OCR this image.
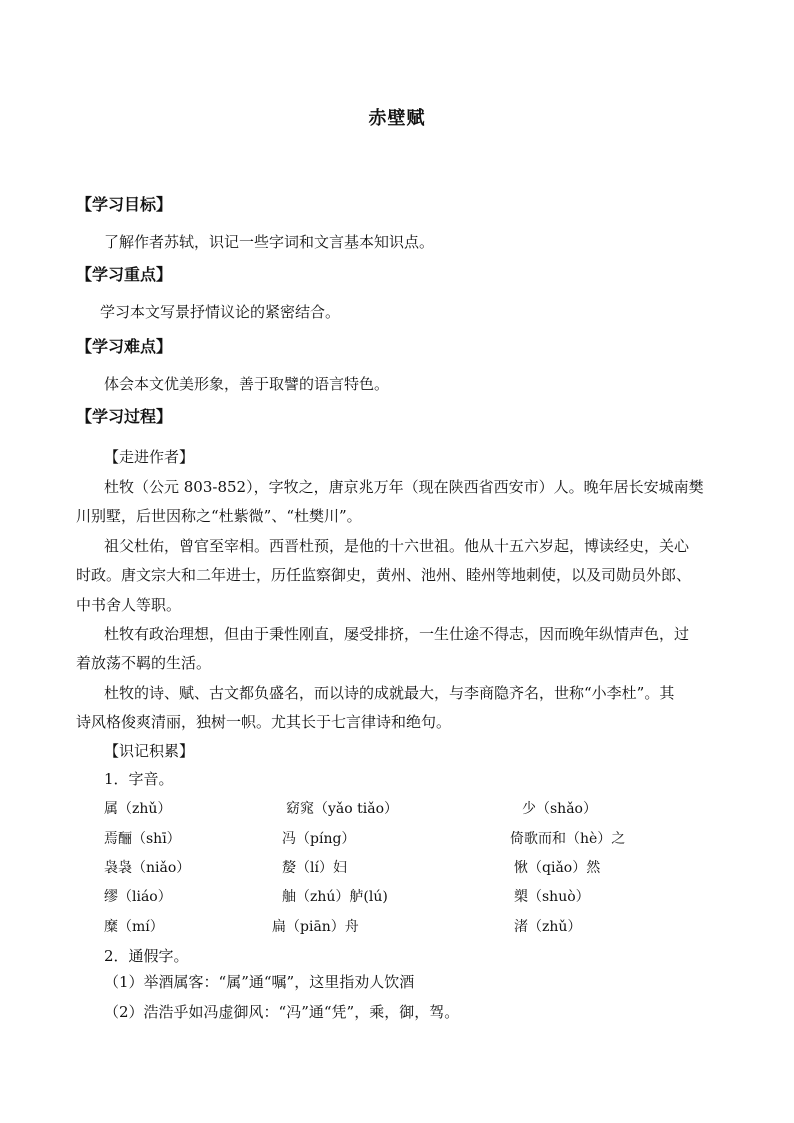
赤壁赋
【学习目标】
了解作者苏轼，识记一些字词和文言基本知识点。
【学习重点】
学习本文写景抒情议论的紧密结合。
【学习难点】
体会本文优美形象，善于取譬的语言特色。
【学习过程】
【走进作者】
杜牧（公元 803-852），字牧之，唐京兆万年（现在陕西省西安市）人。晚年居长安城南樊
川别墅，后世因称之“杜紫微”、“杜樊川”。
祖父杜佑，曾官至宰相。西晋杜预，是他的十六世祖。他从十五六岁起，博读经史，关心
时政。唐文宗大和二年进士，历任监察御史，黄州、池州、睦州等地刺使，以及司勋员外郎、
中书舍人等职。
杜牧有政治理想，但由于秉性刚直，屡受排挤，一生仕途不得志，因而晚年纵情声色，过
着放荡不羁的生活。
杜牧的诗、赋、古文都负盛名，而以诗的成就最大，与李商隐齐名，世称“小李杜”。其
诗风格俊爽清丽，独树一帜。尤其长于七言律诗和绝句。
【识记积累】
1．字音。
属（zhǔ）	窈窕（yǎo tiǎo）	少（shǎo）
焉酾（shī）	冯（píng）	倚歌而和（hè）之
袅袅（niǎo）	嫠（lí）妇	愀（qiǎo）然
缪（liáo）	舳（zhú）舻(lú)	槊（shuò）
糜（mí）	扁（piān）舟	渚（zhǔ）
2．通假字。
（1）举酒属客：“属”通“嘱”，这里指劝人饮酒
（2）浩浩乎如冯虚御风：“冯”通“凭”，乘，御，驾。
